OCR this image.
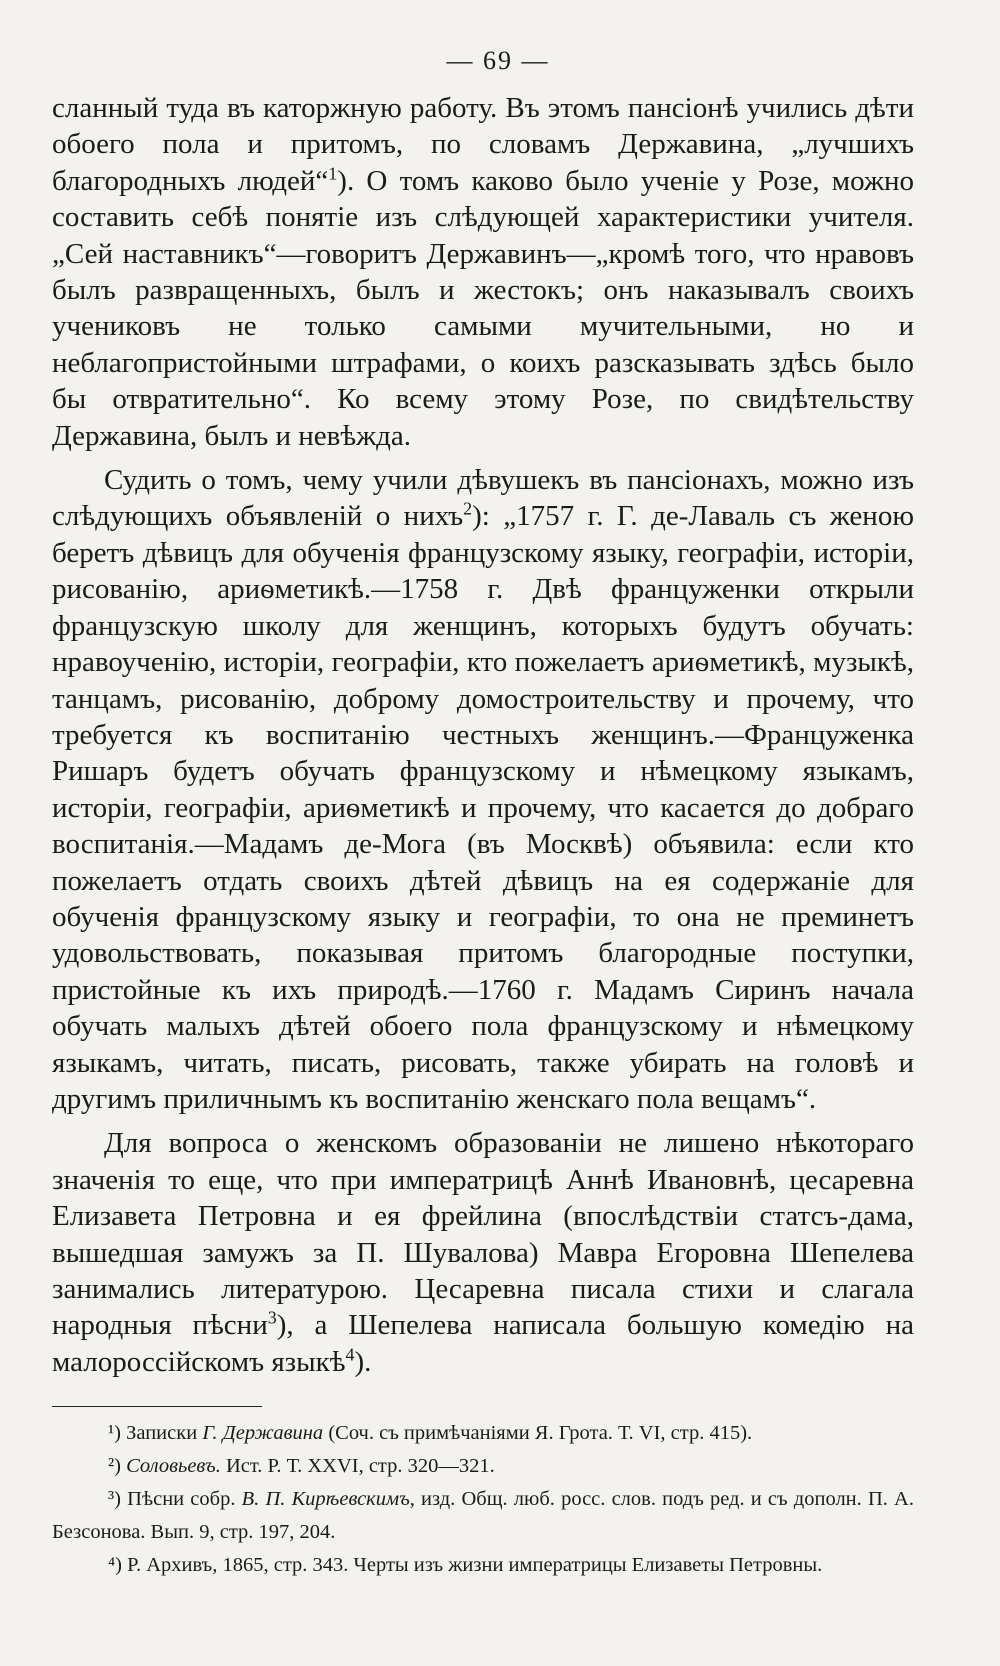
— 69 —

сланный туда въ каторжную работу. Въ этомъ пансіонѣ учились дѣти обоего пола и притомъ, по словамъ Державина, „лучшихъ благородныхъ людей“$^1$). О томъ каково было ученіе у Розе, можно составить себѣ понятіе изъ слѣдующей характеристики учителя. „Сей наставникъ“—говоритъ Державинъ—„кромѣ того, что нравовъ былъ развращенныхъ, былъ и жестокъ; онъ наказывалъ своихъ учениковъ не только самыми мучительными, но и неблагопристойными штрафами, о коихъ разсказывать здѣсь было бы отвратительно“. Ко всему этому Розе, по свидѣтельству Державина, былъ и невѣжда.

Судить о томъ, чему учили дѣвушекъ въ пансіонахъ, можно изъ слѣдующихъ объявленій о нихъ$^2$): „1757 г. Г. де-Лаваль съ женою беретъ дѣвицъ для обученія французскому языку, географіи, исторіи, рисованію, ариѳметикѣ.—1758 г. Двѣ француженки открыли французскую школу для женщинъ, которыхъ будутъ обучать: нравоученію, исторіи, географіи, кто пожелаетъ ариѳметикѣ, музыкѣ, танцамъ, рисованію, доброму домостроительству и прочему, что требуется къ воспитанію честныхъ женщинъ.—Француженка Ришаръ будетъ обучать французскому и нѣмецкому языкамъ, исторіи, географіи, ариѳметикѣ и прочему, что касается до добраго воспитанія.—Мадамъ де-Мога (въ Москвѣ) объявила: если кто пожелаетъ отдать своихъ дѣтей дѣвицъ на ея содержаніе для обученія французскому языку и географіи, то она не преминетъ удовольствовать, показывая притомъ благородные поступки, пристойные къ ихъ природѣ.—1760 г. Мадамъ Сиринъ начала обучать малыхъ дѣтей обоего пола французскому и нѣмецкому языкамъ, читать, писать, рисовать, также убирать на головѣ и другимъ приличнымъ къ воспитанію женскаго пола вещамъ“.

Для вопроса о женскомъ образованіи не лишено нѣкотораго значенія то еще, что при императрицѣ Аннѣ Ивановнѣ, цесаревна Елизавета Петровна и ея фрейлина (впослѣдствіи статсъ-дама, вышедшая замужъ за П. Шувалова) Мавра Егоровна Шепелева занимались литературою. Цесаревна писала стихи и слагала народныя пѣсни$^3$), а Шепелева написала большую комедію на малороссійскомъ языкѣ$^4$).

¹) Записки Г. Державина (Соч. съ примѣчаніями Я. Грота. Т. VI, стр. 415).
²) Соловьевъ. Ист. Р. Т. XXVI, стр. 320—321.
³) Пѣсни собр. В. П. Кирѣевскимъ, изд. Общ. люб. росс. слов. подъ ред. и съ дополн. П. А. Безсонова. Вып. 9, стр. 197, 204.
⁴) Р. Архивъ, 1865, стр. 343. Черты изъ жизни императрицы Елизаветы Петровны.
